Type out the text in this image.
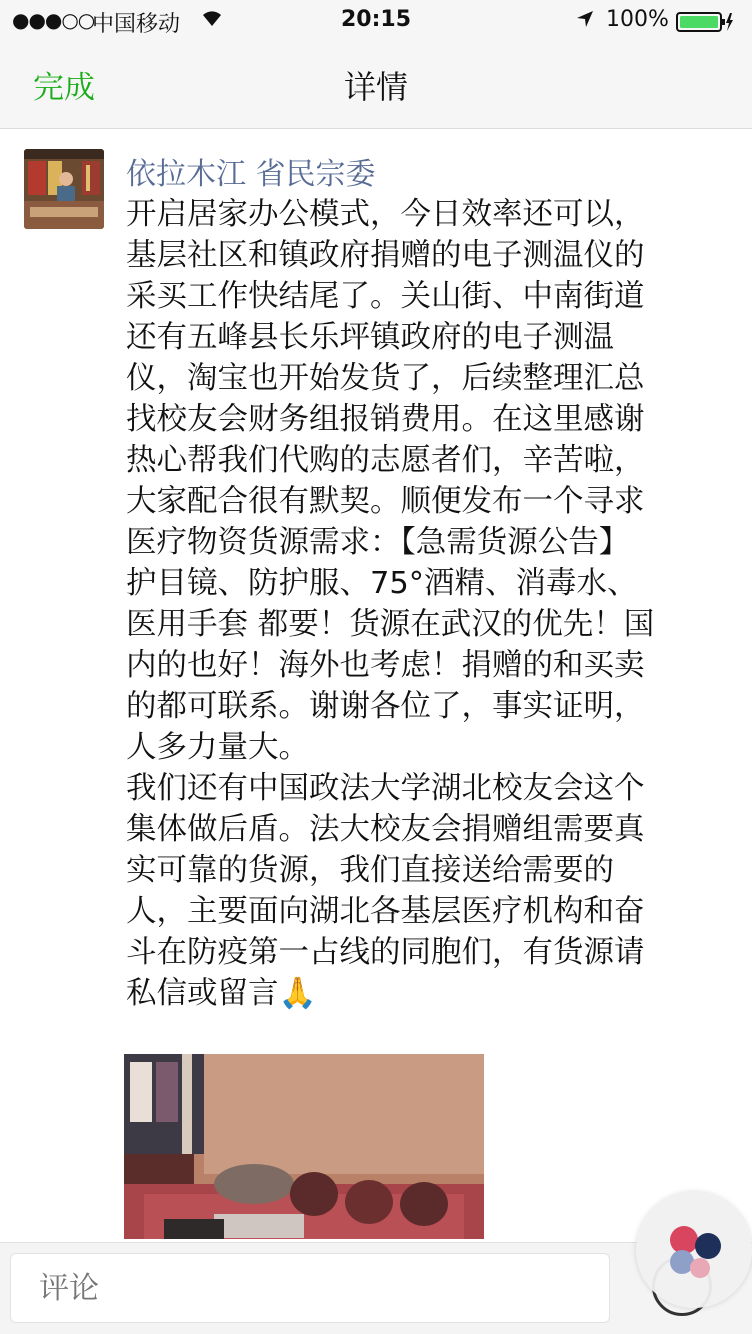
●●●○○
中国移动	20:15	100%
完成	详情
依拉木江 省民宗委

开启居家办公模式，今日效率还可以，
基层社区和镇政府捐赠的电子测温仪的
采买工作快结尾了。关山街、中南街道
还有五峰县长乐坪镇政府的电子测温
仪，淘宝也开始发货了，后续整理汇总
找校友会财务组报销费用。在这里感谢
热心帮我们代购的志愿者们，辛苦啦，
大家配合很有默契。顺便发布一个寻求
医疗物资货源需求：【急需货源公告】
护目镜、防护服、75°酒精、消毒水、
医用手套 都要！货源在武汉的优先！国
内的也好！海外也考虑！捐赠的和买卖
的都可联系。谢谢各位了，事实证明，
人多力量大。
我们还有中国政法大学湖北校友会这个
集体做后盾。法大校友会捐赠组需要真
实可靠的货源，我们直接送给需要的
人，主要面向湖北各基层医疗机构和奋
斗在防疫第一占线的同胞们，有货源请
私信或留言🙏

评论
